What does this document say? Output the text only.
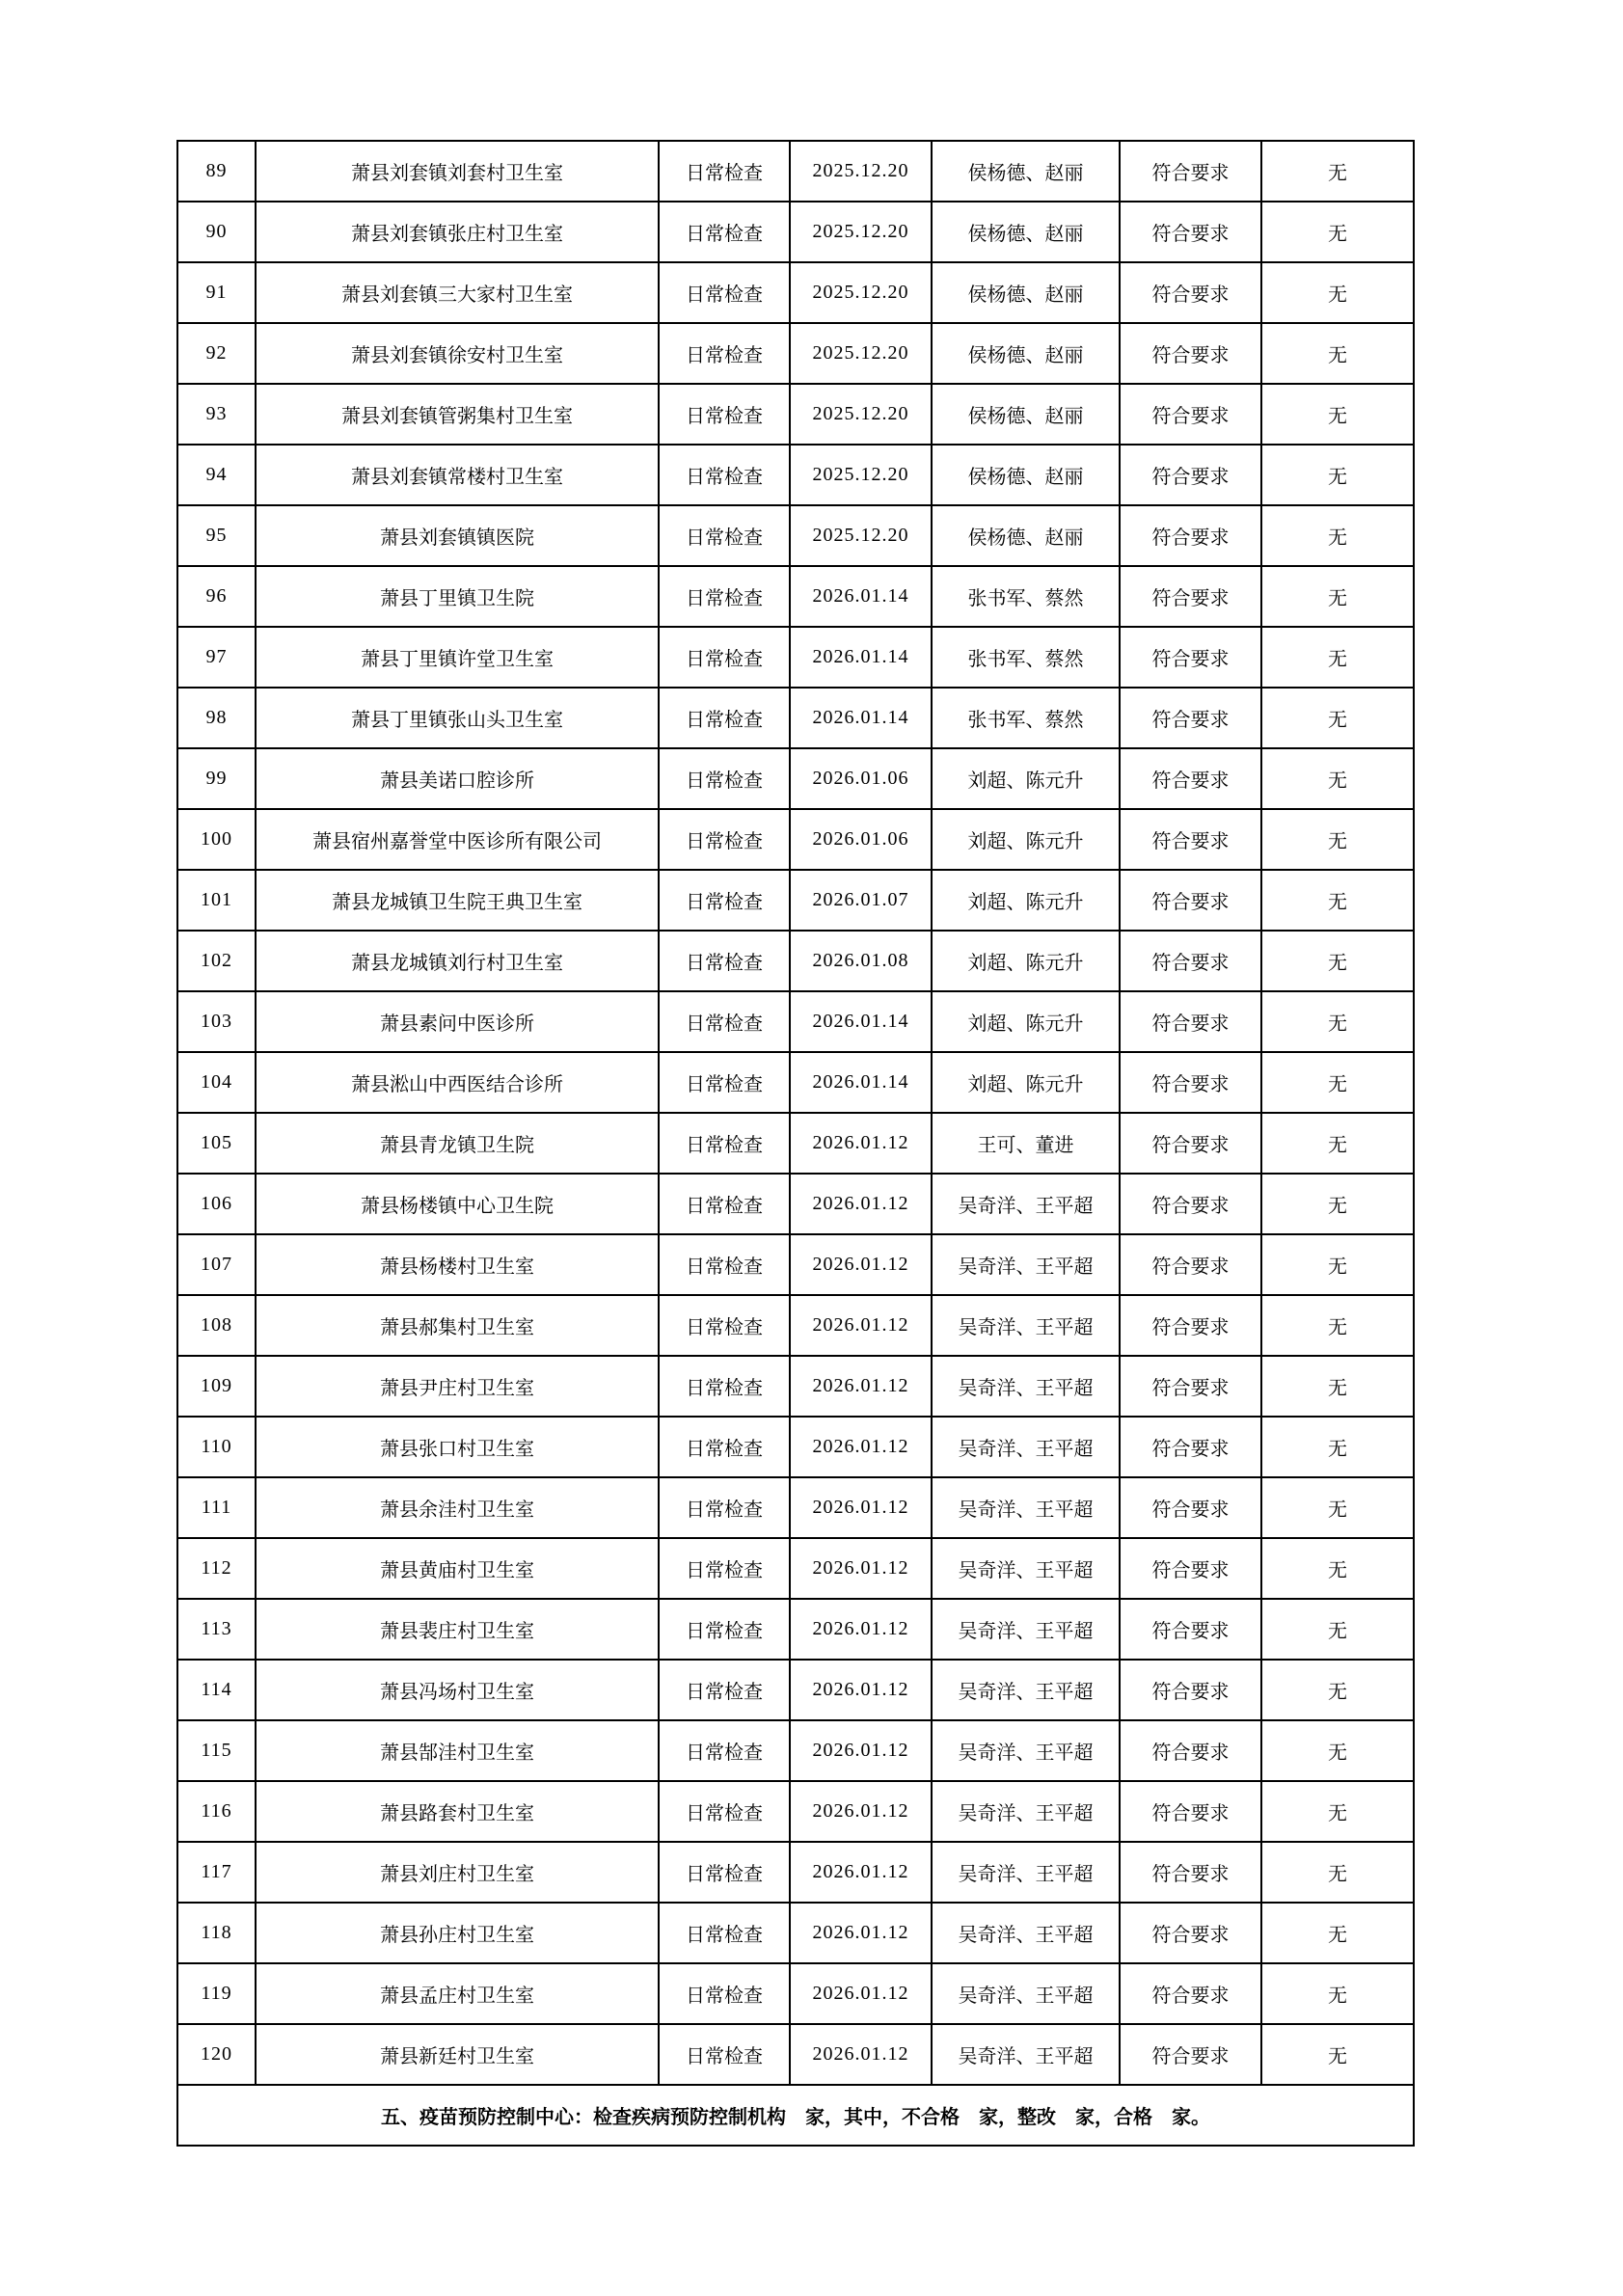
89	萧县刘套镇刘套村卫生室	日常检查	2025.12.20	侯杨德、赵丽	符合要求	无
90	萧县刘套镇张庄村卫生室	日常检查	2025.12.20	侯杨德、赵丽	符合要求	无
91	萧县刘套镇三大家村卫生室	日常检查	2025.12.20	侯杨德、赵丽	符合要求	无
92	萧县刘套镇徐安村卫生室	日常检查	2025.12.20	侯杨德、赵丽	符合要求	无
93	萧县刘套镇管粥集村卫生室	日常检查	2025.12.20	侯杨德、赵丽	符合要求	无
94	萧县刘套镇常楼村卫生室	日常检查	2025.12.20	侯杨德、赵丽	符合要求	无
95	萧县刘套镇镇医院	日常检查	2025.12.20	侯杨德、赵丽	符合要求	无
96	萧县丁里镇卫生院	日常检查	2026.01.14	张书军、蔡然	符合要求	无
97	萧县丁里镇许堂卫生室	日常检查	2026.01.14	张书军、蔡然	符合要求	无
98	萧县丁里镇张山头卫生室	日常检查	2026.01.14	张书军、蔡然	符合要求	无
99	萧县美诺口腔诊所	日常检查	2026.01.06	刘超、陈元升	符合要求	无
100	萧县宿州嘉誉堂中医诊所有限公司	日常检查	2026.01.06	刘超、陈元升	符合要求	无
101	萧县龙城镇卫生院王典卫生室	日常检查	2026.01.07	刘超、陈元升	符合要求	无
102	萧县龙城镇刘行村卫生室	日常检查	2026.01.08	刘超、陈元升	符合要求	无
103	萧县素问中医诊所	日常检查	2026.01.14	刘超、陈元升	符合要求	无
104	萧县淞山中西医结合诊所	日常检查	2026.01.14	刘超、陈元升	符合要求	无
105	萧县青龙镇卫生院	日常检查	2026.01.12	王可、董进	符合要求	无
106	萧县杨楼镇中心卫生院	日常检查	2026.01.12	吴奇洋、王平超	符合要求	无
107	萧县杨楼村卫生室	日常检查	2026.01.12	吴奇洋、王平超	符合要求	无
108	萧县郝集村卫生室	日常检查	2026.01.12	吴奇洋、王平超	符合要求	无
109	萧县尹庄村卫生室	日常检查	2026.01.12	吴奇洋、王平超	符合要求	无
110	萧县张口村卫生室	日常检查	2026.01.12	吴奇洋、王平超	符合要求	无
111	萧县余洼村卫生室	日常检查	2026.01.12	吴奇洋、王平超	符合要求	无
112	萧县黄庙村卫生室	日常检查	2026.01.12	吴奇洋、王平超	符合要求	无
113	萧县裴庄村卫生室	日常检查	2026.01.12	吴奇洋、王平超	符合要求	无
114	萧县冯场村卫生室	日常检查	2026.01.12	吴奇洋、王平超	符合要求	无
115	萧县郜洼村卫生室	日常检查	2026.01.12	吴奇洋、王平超	符合要求	无
116	萧县路套村卫生室	日常检查	2026.01.12	吴奇洋、王平超	符合要求	无
117	萧县刘庄村卫生室	日常检查	2026.01.12	吴奇洋、王平超	符合要求	无
118	萧县孙庄村卫生室	日常检查	2026.01.12	吴奇洋、王平超	符合要求	无
119	萧县孟庄村卫生室	日常检查	2026.01.12	吴奇洋、王平超	符合要求	无
120	萧县新廷村卫生室	日常检查	2026.01.12	吴奇洋、王平超	符合要求	无
五、疫苗预防控制中心：检查疾病预防控制机构　家，其中，不合格　家，整改　家，合格　家。						
